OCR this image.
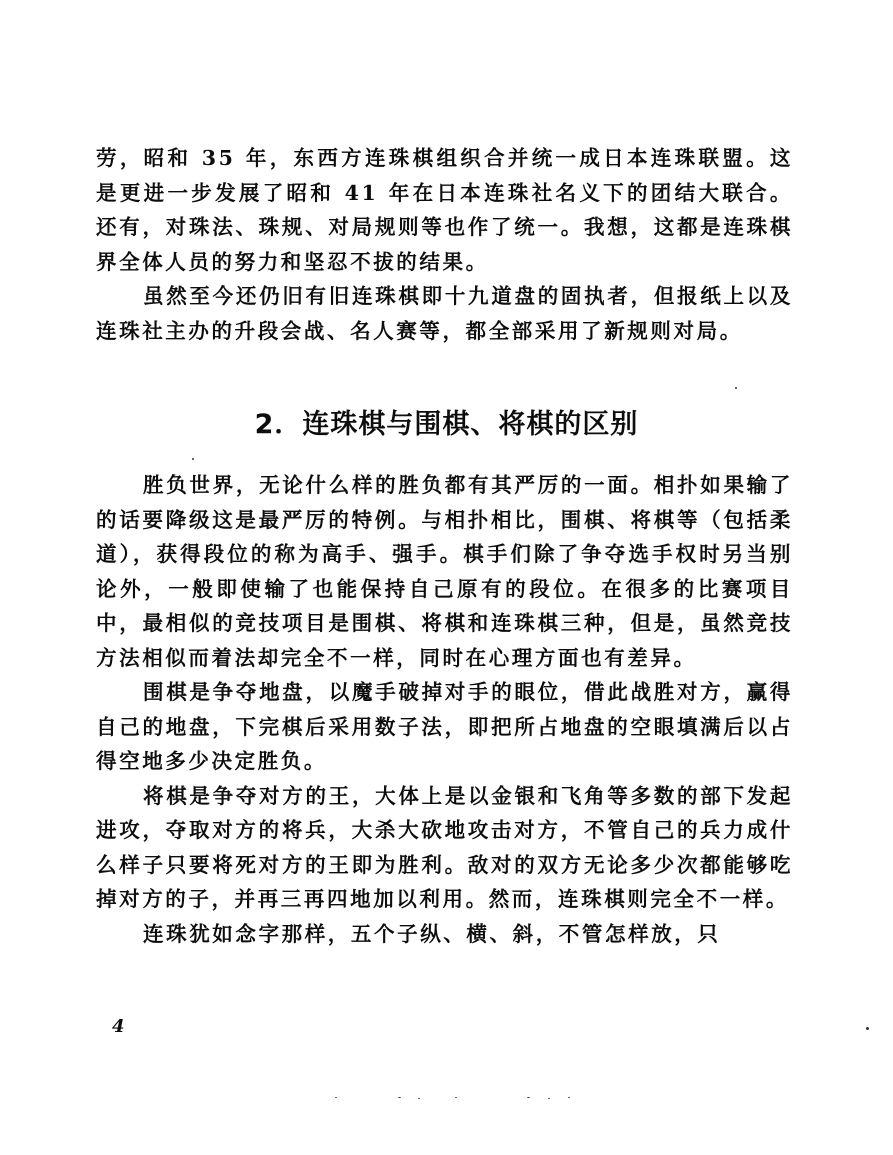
劳，昭和 35 年，东西方连珠棋组织合并统一成日本连珠联盟。这是更进一步发展了昭和 41 年在日本连珠社名义下的团结大联合。还有，对珠法、珠规、对局规则等也作了统一。我想，这都是连珠棋界全体人员的努力和坚忍不拔的结果。

虽然至今还仍旧有旧连珠棋即十九道盘的固执者，但报纸上以及连珠社主办的升段会战、名人赛等，都全部采用了新规则对局。

2．连珠棋与围棋、将棋的区别

胜负世界，无论什么样的胜负都有其严厉的一面。相扑如果输了的话要降级这是最严厉的特例。与相扑相比，围棋、将棋等（包括柔道），获得段位的称为高手、强手。棋手们除了争夺选手权时另当别论外，一般即使输了也能保持自己原有的段位。在很多的比赛项目中，最相似的竞技项目是围棋、将棋和连珠棋三种，但是，虽然竞技方法相似而着法却完全不一样，同时在心理方面也有差异。

围棋是争夺地盘，以魔手破掉对手的眼位，借此战胜对方，赢得自己的地盘，下完棋后采用数子法，即把所占地盘的空眼填满后以占得空地多少决定胜负。

将棋是争夺对方的王，大体上是以金银和飞角等多数的部下发起进攻，夺取对方的将兵，大杀大砍地攻击对方，不管自己的兵力成什么样子只要将死对方的王即为胜利。敌对的双方无论多少次都能够吃掉对方的子，并再三再四地加以利用。然而，连珠棋则完全不一样。

连珠犹如念字那样，五个子纵、横、斜，不管怎样放，只

4
